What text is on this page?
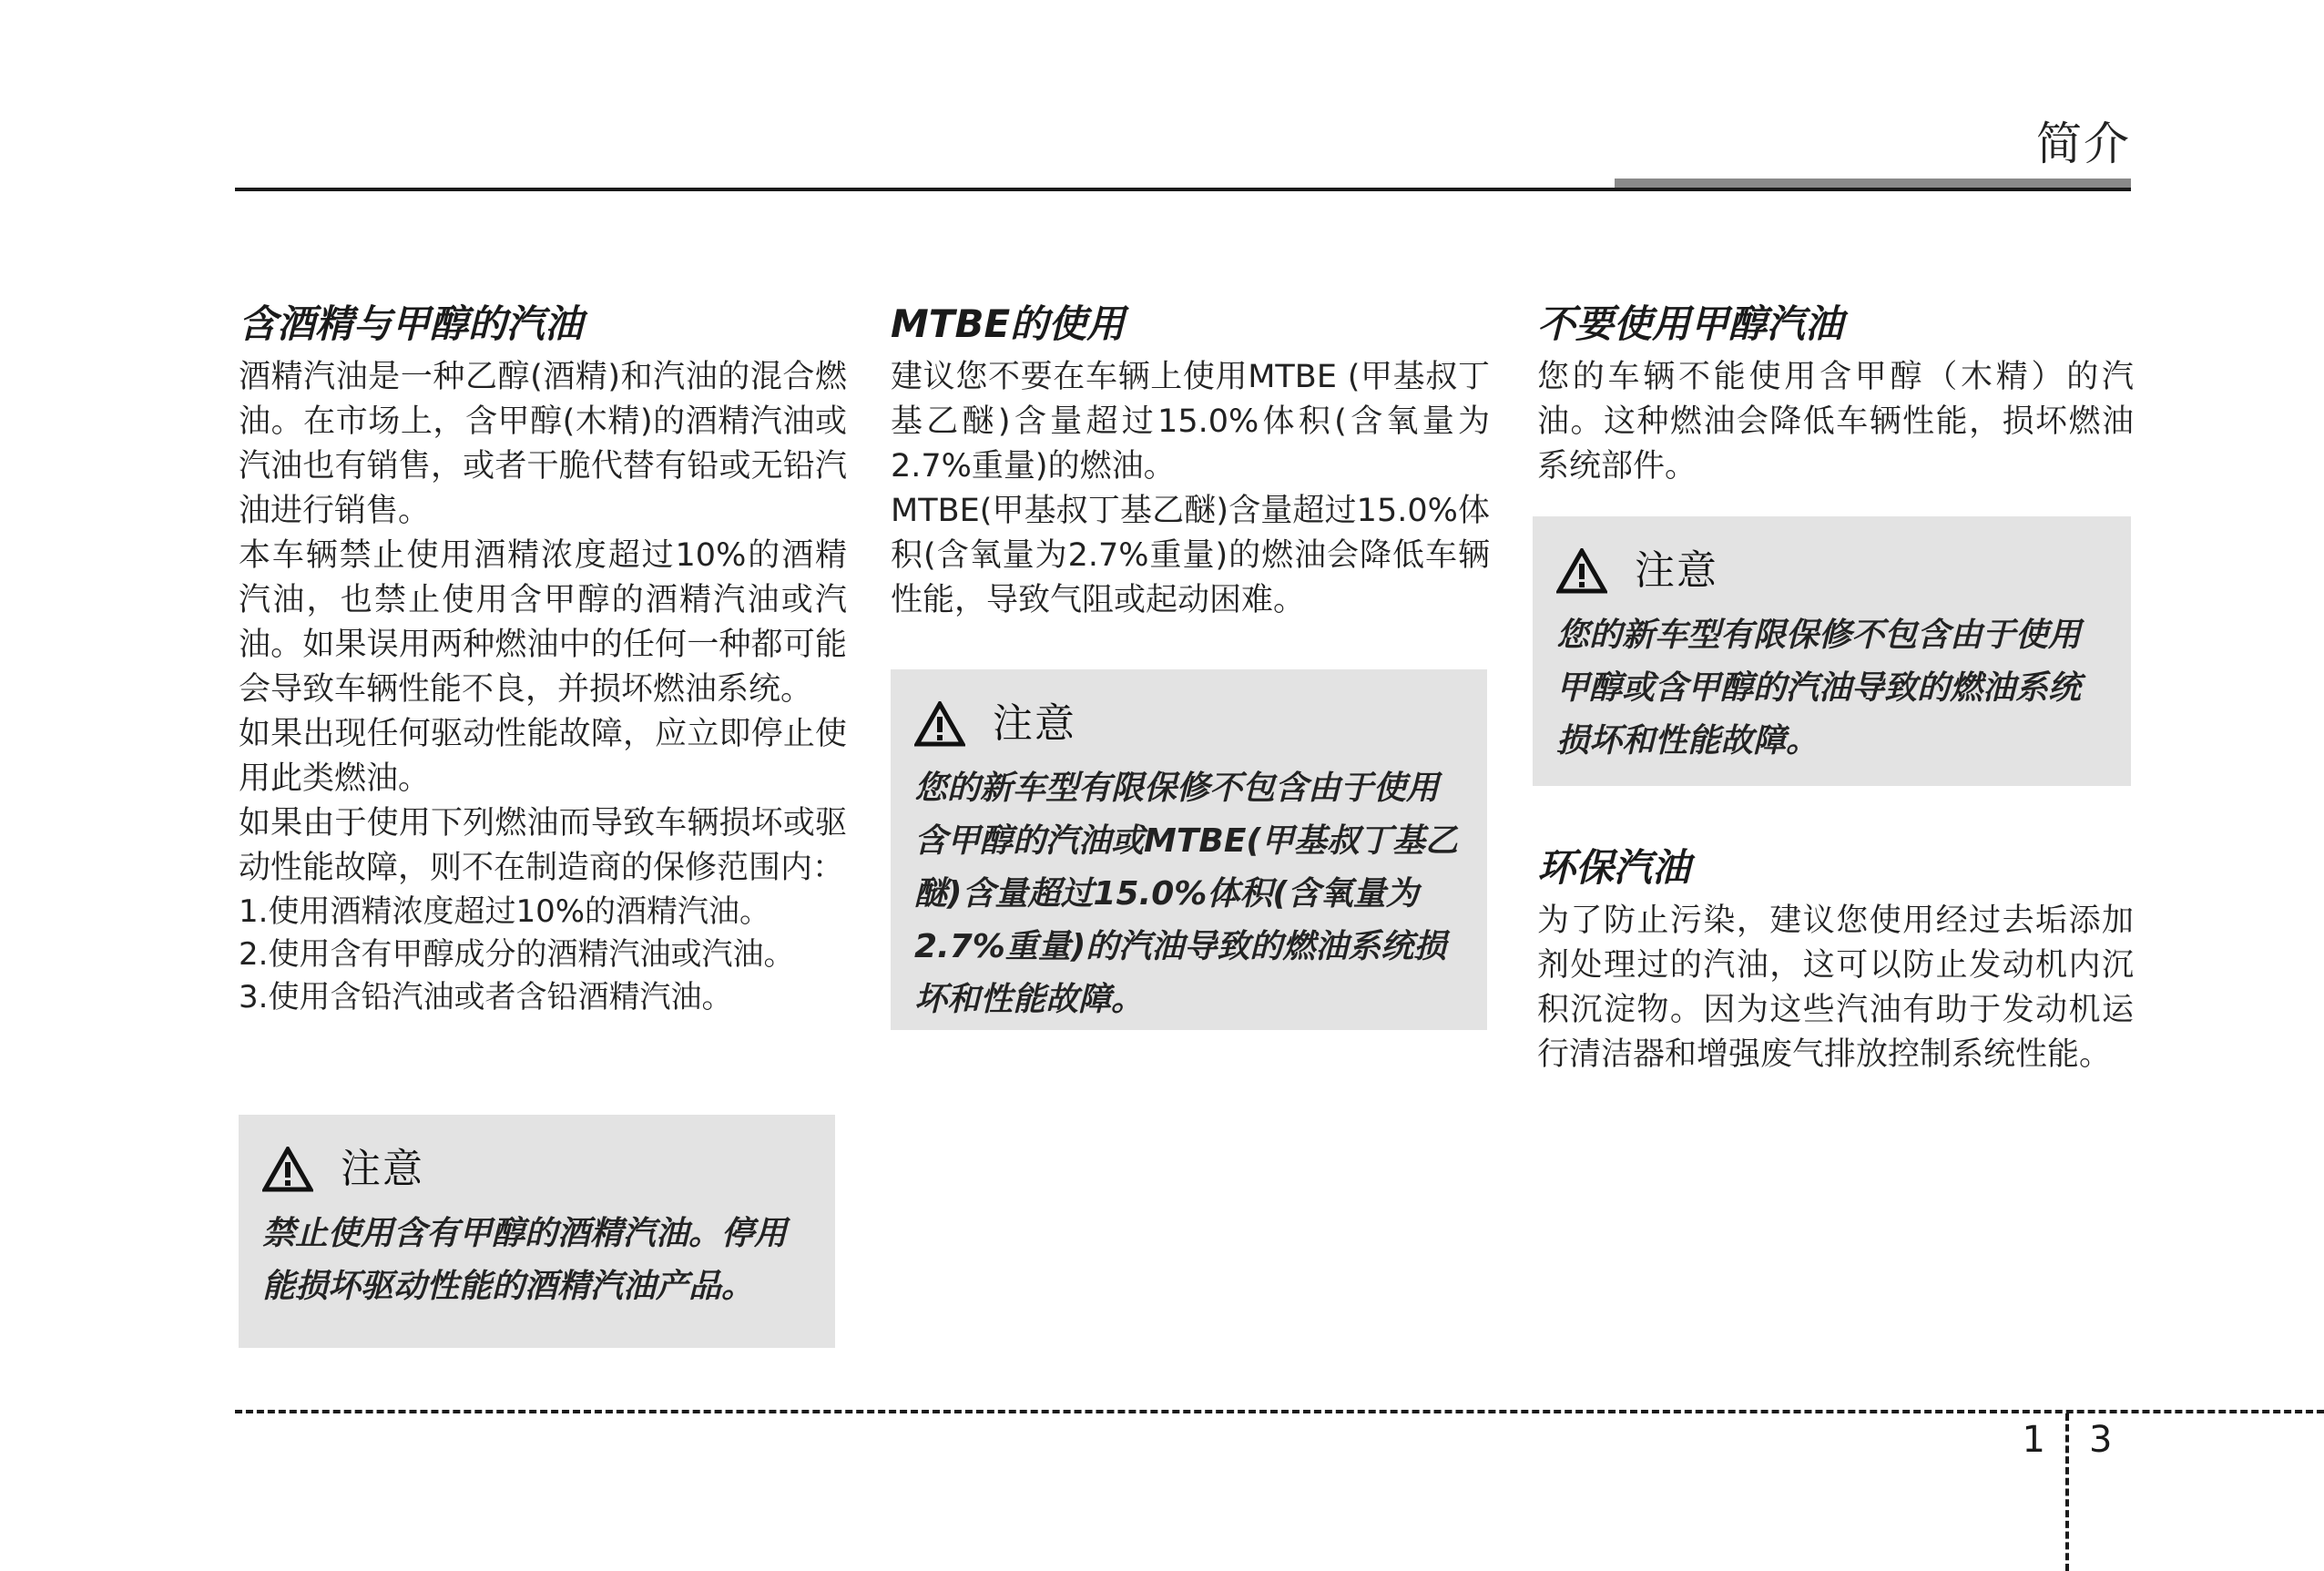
简介
含酒精与甲醇的汽油

酒精汽油是一种乙醇(酒精)和汽油的混合燃油。在市场上，含甲醇(木精)的酒精汽油或汽油也有销售，或者干脆代替有铅或无铅汽油进行销售。

本车辆禁止使用酒精浓度超过10%的酒精汽油，也禁止使用含甲醇的酒精汽油或汽油。如果误用两种燃油中的任何一种都可能会导致车辆性能不良，并损坏燃油系统。

如果出现任何驱动性能故障，应立即停止使用此类燃油。

如果由于使用下列燃油而导致车辆损坏或驱动性能故障，则不在制造商的保修范围内：

1.使用酒精浓度超过10%的酒精汽油。

2.使用含有甲醇成分的酒精汽油或汽油。

3.使用含铅汽油或者含铅酒精汽油。

注意

禁止使用含有甲醇的酒精汽油。停用能损坏驱动性能的酒精汽油产品。

MTBE的使用

建议您不要在车辆上使用MTBE (甲基叔丁基乙醚)含量超过15.0%体积(含氧量为2.7%重量)的燃油。

MTBE(甲基叔丁基乙醚)含量超过15.0%体积(含氧量为2.7%重量)的燃油会降低车辆性能，导致气阻或起动困难。

注意

您的新车型有限保修不包含由于使用含甲醇的汽油或MTBE(甲基叔丁基乙醚)含量超过15.0%体积(含氧量为2.7%重量)的汽油导致的燃油系统损坏和性能故障。

不要使用甲醇汽油

您的车辆不能使用含甲醇（木精）的汽油。这种燃油会降低车辆性能，损坏燃油系统部件。

注意

您的新车型有限保修不包含由于使用甲醇或含甲醇的汽油导致的燃油系统损坏和性能故障。

环保汽油

为了防止污染，建议您使用经过去垢添加剂处理过的汽油，这可以防止发动机内沉积沉淀物。因为这些汽油有助于发动机运行清洁器和增强废气排放控制系统性能。

1 3
